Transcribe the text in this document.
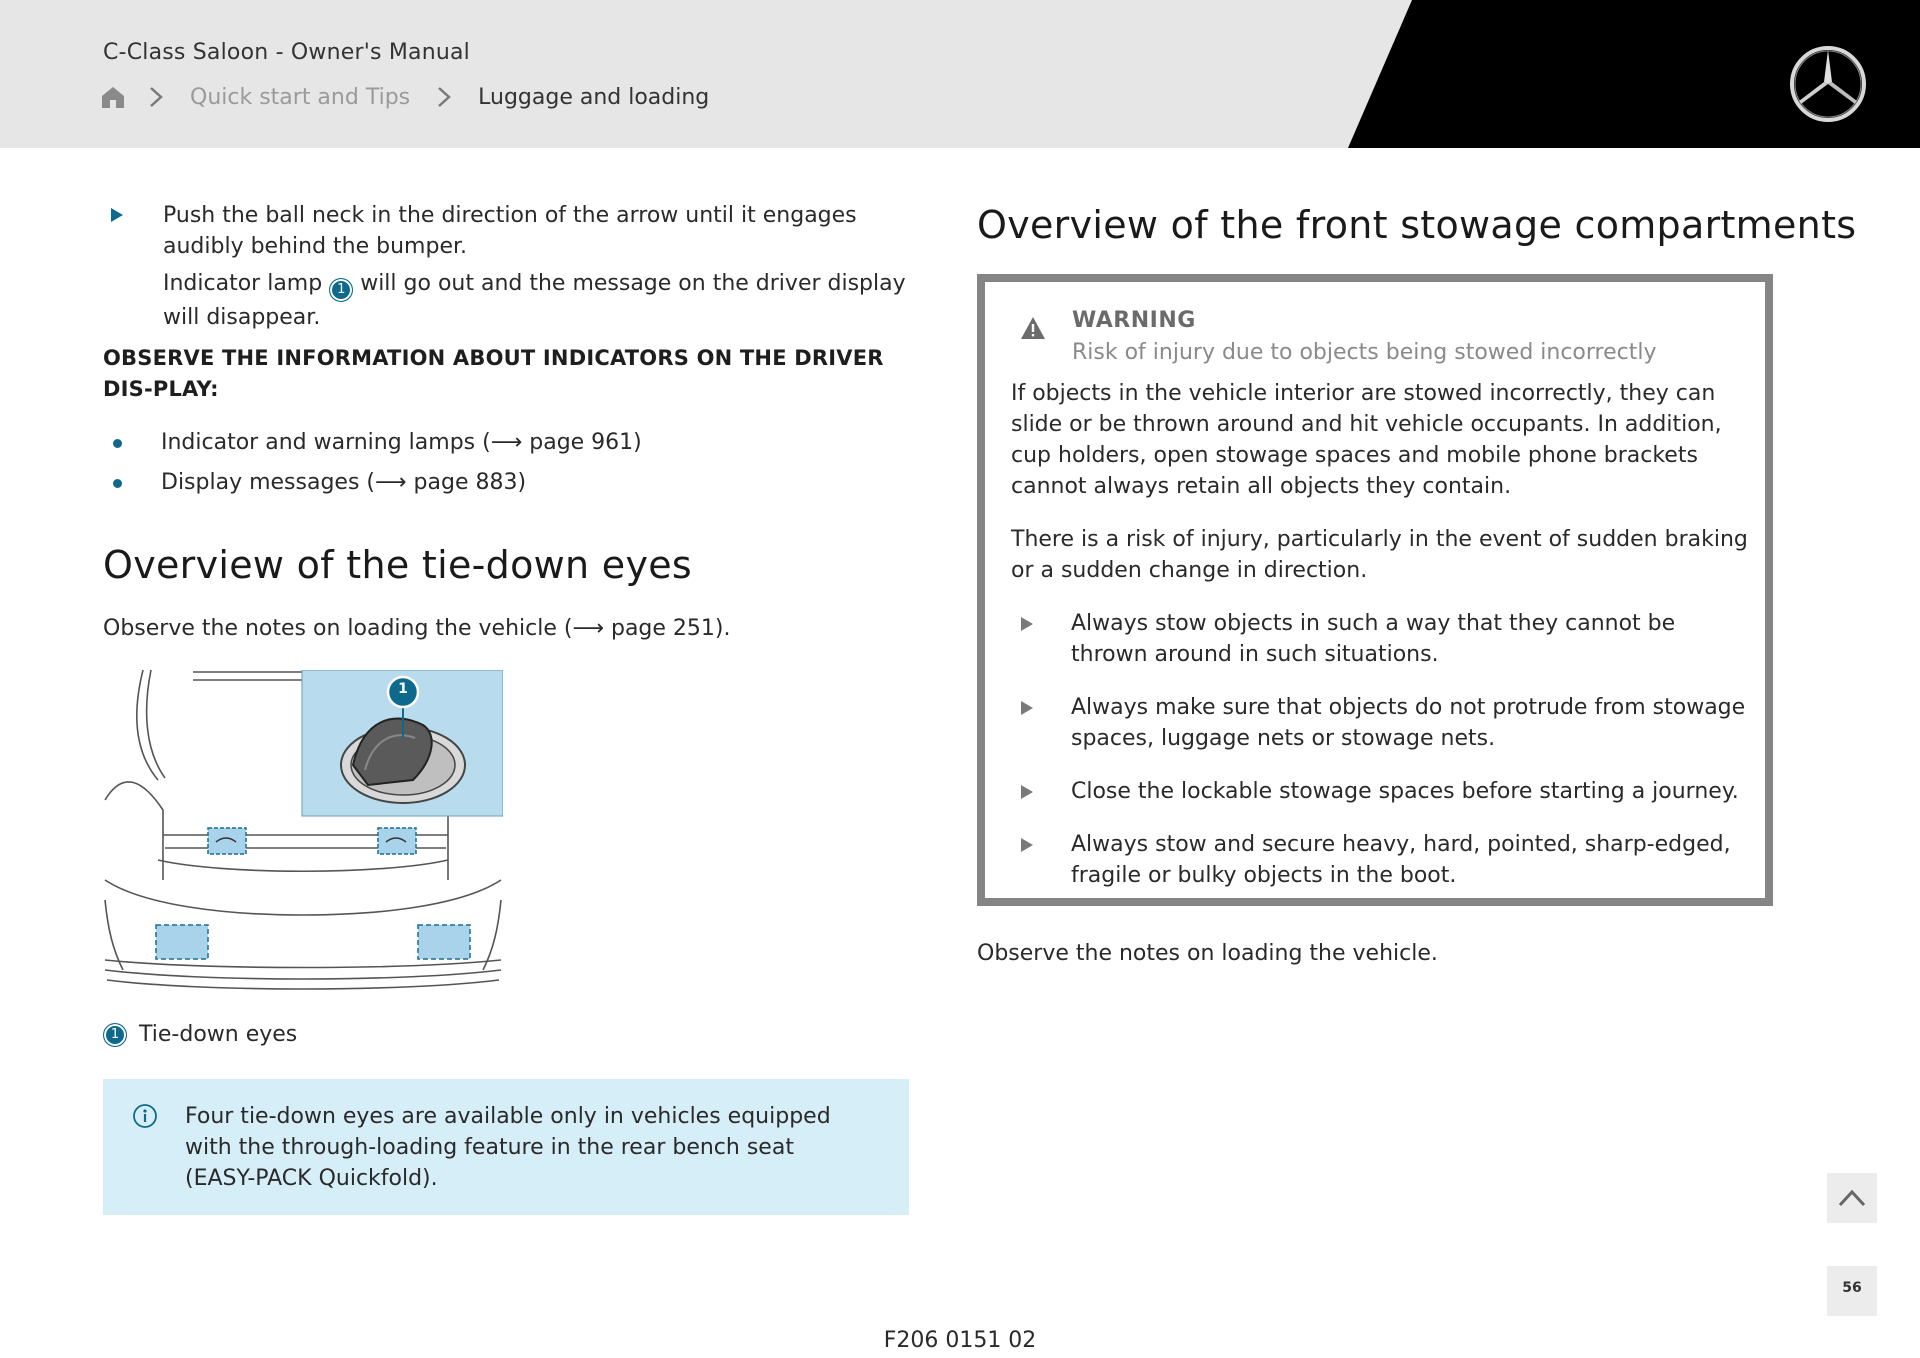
C-Class Saloon - Owner's Manual
Quick start and Tips	Luggage and loading

Push the ball neck in the direction of the arrow until it engages audibly behind the bumper.

Indicator lamp 1 will go out and the message on the driver display will disappear.

OBSERVE THE INFORMATION ABOUT INDICATORS ON THE DRIVER DIS-PLAY:
Indicator and warning lamps (⟶ page 961)
Display messages (⟶ page 883)
Overview of the tie-down eyes
Observe the notes on loading the vehicle (⟶ page 251).
1
1 Tie-down eyes
Four tie-down eyes are available only in vehicles equipped with the through-loading feature in the rear bench seat (EASY-PACK Quickfold).
Overview of the front stowage compartments
WARNING
Risk of injury due to objects being stowed incorrectly

If objects in the vehicle interior are stowed incorrectly, they can slide or be thrown around and hit vehicle occupants. In addition, cup holders, open stowage spaces and mobile phone brackets cannot always retain all objects they contain.

There is a risk of injury, particularly in the event of sudden braking or a sudden change in direction.

Always stow objects in such a way that they cannot be thrown around in such situations.
Always make sure that objects do not protrude from stowage spaces, luggage nets or stowage nets.
Close the lockable stowage spaces before starting a journey.
Always stow and secure heavy, hard, pointed, sharp-edged, fragile or bulky objects in the boot.
Observe the notes on loading the vehicle.
56
F206 0151 02
